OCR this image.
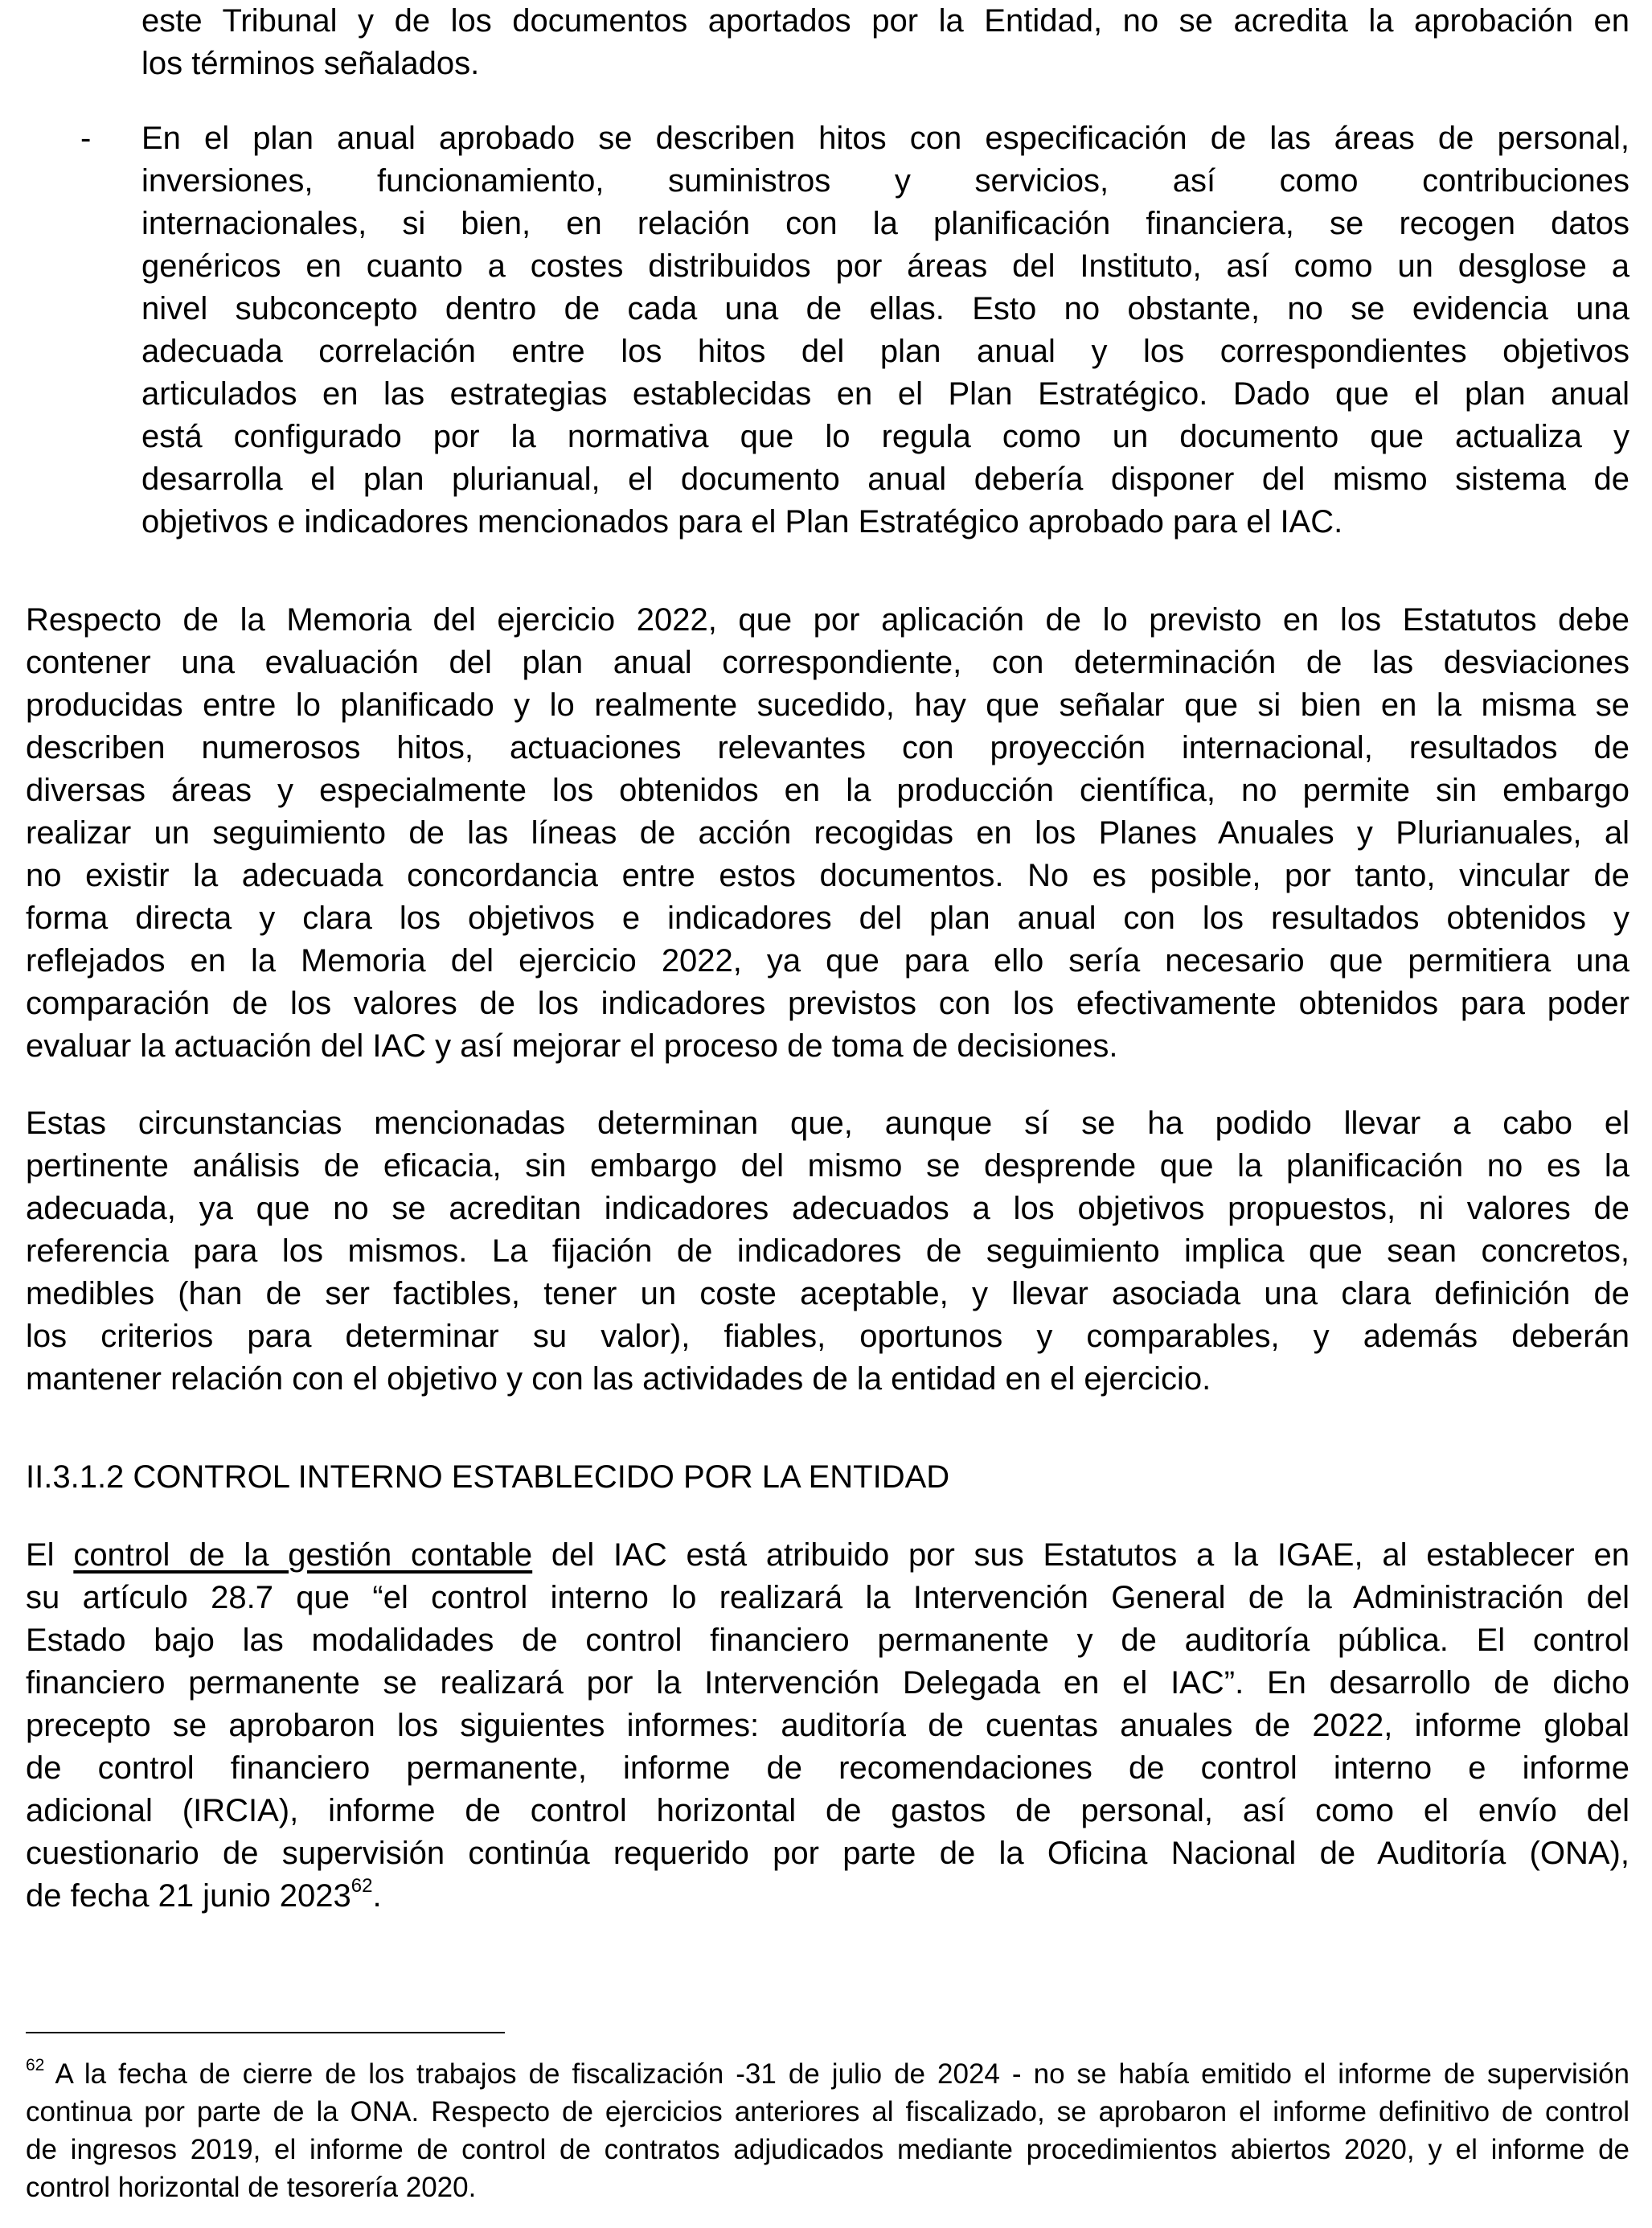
este Tribunal y de los documentos aportados por la Entidad, no se acredita la aprobación en
los términos señalados.
- En el plan anual aprobado se describen hitos con especificación de las áreas de personal,
inversiones, funcionamiento, suministros y servicios, así como contribuciones
internacionales, si bien, en relación con la planificación financiera, se recogen datos
genéricos en cuanto a costes distribuidos por áreas del Instituto, así como un desglose a
nivel subconcepto dentro de cada una de ellas. Esto no obstante, no se evidencia una
adecuada correlación entre los hitos del plan anual y los correspondientes objetivos
articulados en las estrategias establecidas en el Plan Estratégico. Dado que el plan anual
está configurado por la normativa que lo regula como un documento que actualiza y
desarrolla el plan plurianual, el documento anual debería disponer del mismo sistema de
objetivos e indicadores mencionados para el Plan Estratégico aprobado para el IAC.
Respecto de la Memoria del ejercicio 2022, que por aplicación de lo previsto en los Estatutos debe
contener una evaluación del plan anual correspondiente, con determinación de las desviaciones
producidas entre lo planificado y lo realmente sucedido, hay que señalar que si bien en la misma se
describen numerosos hitos, actuaciones relevantes con proyección internacional, resultados de
diversas áreas y especialmente los obtenidos en la producción científica, no permite sin embargo
realizar un seguimiento de las líneas de acción recogidas en los Planes Anuales y Plurianuales, al
no existir la adecuada concordancia entre estos documentos. No es posible, por tanto, vincular de
forma directa y clara los objetivos e indicadores del plan anual con los resultados obtenidos y
reflejados en la Memoria del ejercicio 2022, ya que para ello sería necesario que permitiera una
comparación de los valores de los indicadores previstos con los efectivamente obtenidos para poder
evaluar la actuación del IAC y así mejorar el proceso de toma de decisiones.
Estas circunstancias mencionadas determinan que, aunque sí se ha podido llevar a cabo el
pertinente análisis de eficacia, sin embargo del mismo se desprende que la planificación no es la
adecuada, ya que no se acreditan indicadores adecuados a los objetivos propuestos, ni valores de
referencia para los mismos. La fijación de indicadores de seguimiento implica que sean concretos,
medibles (han de ser factibles, tener un coste aceptable, y llevar asociada una clara definición de
los criterios para determinar su valor), fiables, oportunos y comparables, y además deberán
mantener relación con el objetivo y con las actividades de la entidad en el ejercicio.
II.3.1.2 CONTROL INTERNO ESTABLECIDO POR LA ENTIDAD
El control de la gestión contable del IAC está atribuido por sus Estatutos a la IGAE, al establecer en
su artículo 28.7 que “el control interno lo realizará la Intervención General de la Administración del
Estado bajo las modalidades de control financiero permanente y de auditoría pública. El control
financiero permanente se realizará por la Intervención Delegada en el IAC”. En desarrollo de dicho
precepto se aprobaron los siguientes informes: auditoría de cuentas anuales de 2022, informe global
de control financiero permanente, informe de recomendaciones de control interno e informe
adicional (IRCIA), informe de control horizontal de gastos de personal, así como el envío del
cuestionario de supervisión continúa requerido por parte de la Oficina Nacional de Auditoría (ONA),
de fecha 21 junio 2023$^{62}$.
$^{62}$ A la fecha de cierre de los trabajos de fiscalización -31 de julio de 2024 - no se había emitido el informe de supervisión
continua por parte de la ONA. Respecto de ejercicios anteriores al fiscalizado, se aprobaron el informe definitivo de control
de ingresos 2019, el informe de control de contratos adjudicados mediante procedimientos abiertos 2020, y el informe de
control horizontal de tesorería 2020.
